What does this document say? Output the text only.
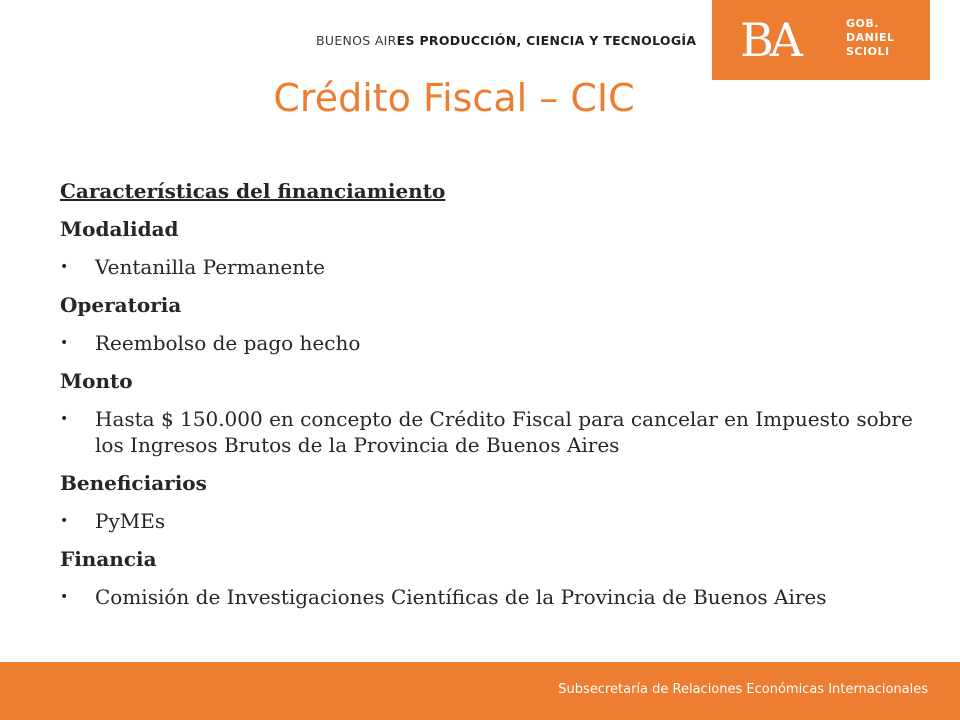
BUENOS AIRES PRODUCCIÓN, CIENCIA Y TECNOLOGÍA BA	GOB.
DANIEL
SCIOLI
Crédito Fiscal – CIC
Características del financiamiento
Modalidad
•	Ventanilla Permanente
Operatoria
•	Reembolso de pago hecho
Monto
•	Hasta $ 150.000 en concepto de Crédito Fiscal para cancelar en Impuesto sobre los Ingresos Brutos de la Provincia de Buenos Aires
Beneficiarios
•	PyMEs
Financia
•	Comisión de Investigaciones Científicas de la Provincia de Buenos Aires
Subsecretaría de Relaciones Económicas Internacionales
